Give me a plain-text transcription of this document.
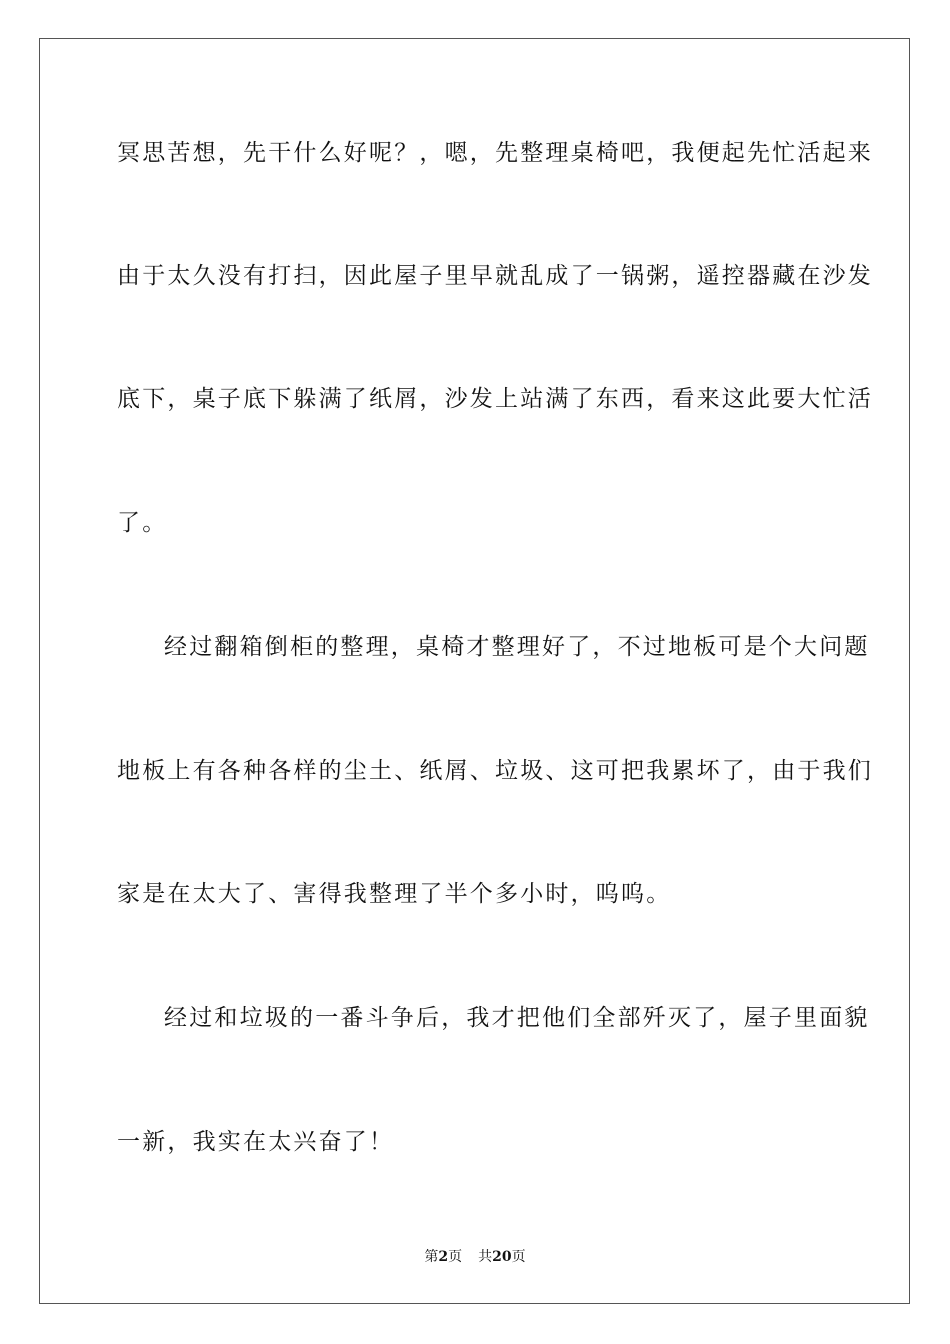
冥思苦想，先干什么好呢？，嗯，先整理桌椅吧，我便起先忙活起来
由于太久没有打扫，因此屋子里早就乱成了一锅粥，遥控器藏在沙发
底下，桌子底下躲满了纸屑，沙发上站满了东西，看来这此要大忙活
了。
经过翻箱倒柜的整理，桌椅才整理好了，不过地板可是个大问题
地板上有各种各样的尘土、纸屑、垃圾、这可把我累坏了，由于我们
家是在太大了、害得我整理了半个多小时，呜呜。
经过和垃圾的一番斗争后，我才把他们全部歼灭了，屋子里面貌
一新，我实在太兴奋了！
第2页 共20页
